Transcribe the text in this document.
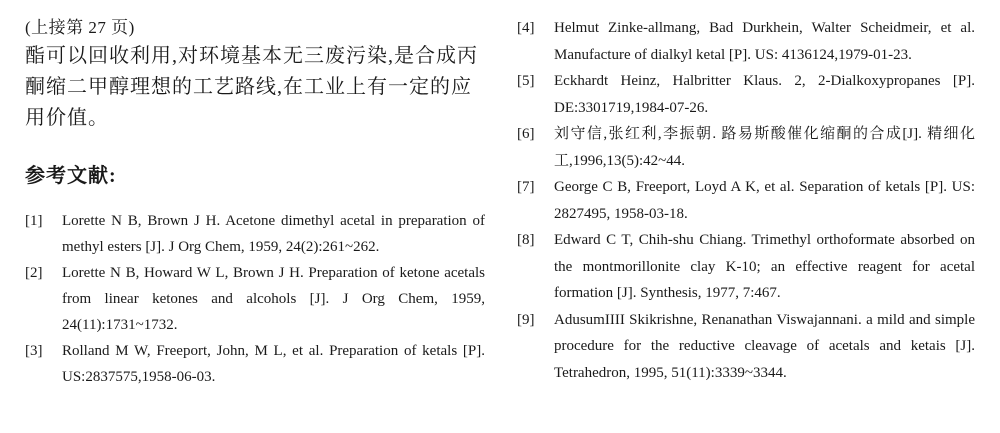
(上接第 27 页)

酯可以回收利用,对环境基本无三废污染,是合成丙酮缩二甲醇理想的工艺路线,在工业上有一定的应用价值。

参考文献:
[1]	Lorette N B, Brown J H. Acetone dimethyl acetal in preparation of methyl esters [J]. J Org Chem, 1959, 24(2):261~262.
[2]	Lorette N B, Howard W L, Brown J H. Preparation of ketone acetals from linear ketones and alcohols [J]. J Org Chem, 1959, 24(11):1731~1732.
[3]	Rolland M W, Freeport, John, M L, et al. Preparation of ketals [P]. US:2837575,1958-06-03.
[4]	Helmut Zinke-allmang, Bad Durkhein, Walter Scheidmeir, et al. Manufacture of dialkyl ketal [P]. US: 4136124,1979-01-23.
[5]	Eckhardt Heinz, Halbritter Klaus. 2, 2-Dialkoxypropanes [P]. DE:3301719,1984-07-26.
[6]	刘守信,张红利,李振朝. 路易斯酸催化缩酮的合成[J]. 精细化工,1996,13(5):42~44.
[7]	George C B, Freeport, Loyd A K, et al. Separation of ketals [P]. US: 2827495, 1958-03-18.
[8]	Edward C T, Chih-shu Chiang. Trimethyl orthoformate absorbed on the montmorillonite clay K-10; an effective reagent for acetal formation [J]. Synthesis, 1977, 7:467.
[9]	AdusumIIII Skikrishne, Renanathan Viswajannani. a mild and simple procedure for the reductive cleavage of acetals and ketais [J]. Tetrahedron, 1995, 51(11):3339~3344.
